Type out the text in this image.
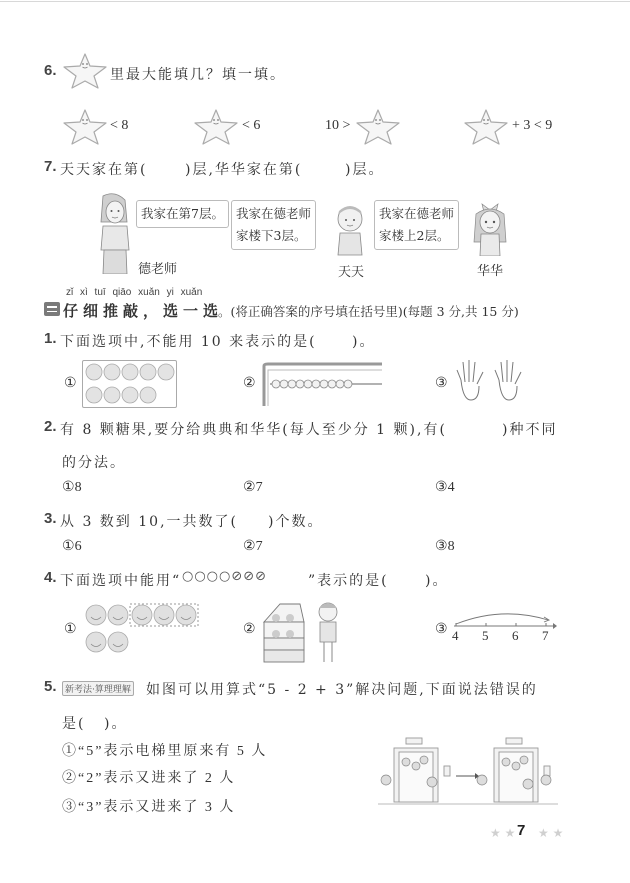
6.	里最大能填几？填一填。
< 8	< 6	10 >	+ 3 < 9
7. 天天家在第(	)层,华华家在第(	)层。
我家在第7层。
德老师
我家在德老师
家楼下3层。
天天
我家在德老师
家楼上2层。
华华
zǐ xì tuī qiāo xuǎn yi xuǎn
仔细推敲，选一选
。(将正确答案的序号填在括号里)(每题 3 分,共 15 分)
1. 下面选项中,不能用 10 来表示的是(	)。
①	②	③
2. 有 8 颗糖果,要分给典典和华华(每人至少分 1 颗),有(	)种不同
的分法。
①8	②7	③4
3. 从 3 数到 10,一共数了( )个数。
①6	②7	③8
4. 下面选项中能用“ ○○○○⊘⊘⊘	”表示的是(	)。
①	②	③ 4 5 6 7
5. 新考法·算理理解 如图可以用算式“5 - 2 + 3”解决问题,下面说法错误的
是( )。
①“5”表示电梯里原来有 5 人
②“2”表示又进来了 2 人
③“3”表示又进来了 3 人
★ ★ 7 ★ ★
